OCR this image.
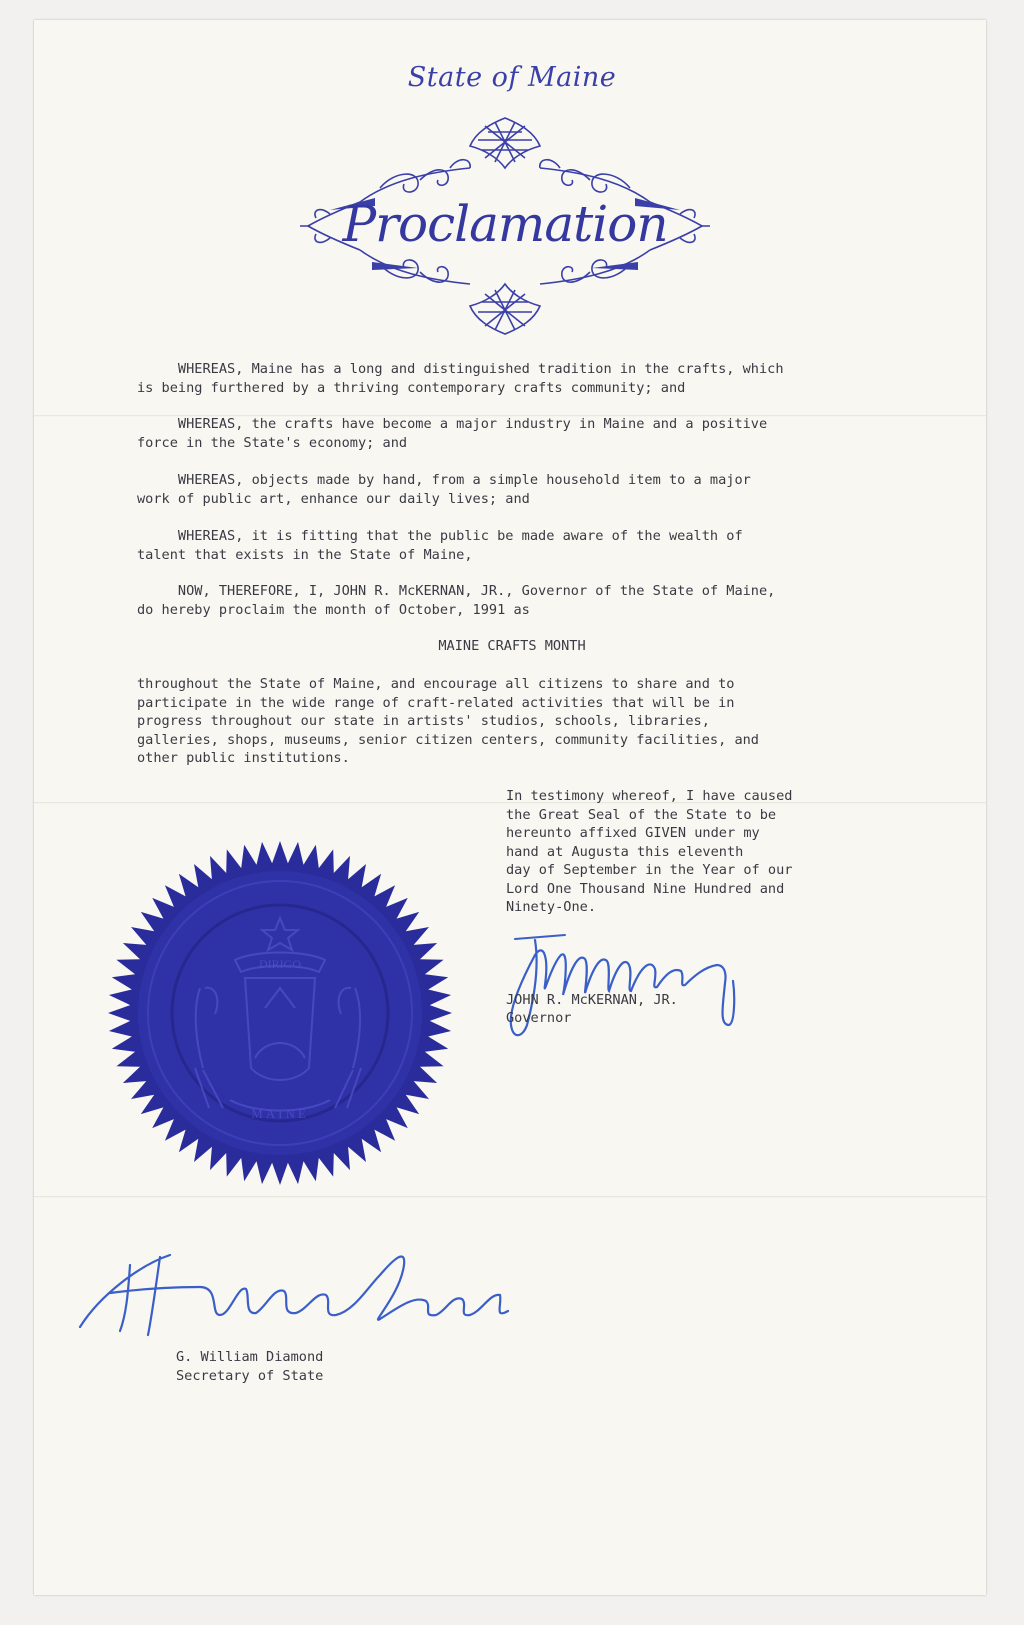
State of Maine
Proclamation
WHEREAS, Maine has a long and distinguished tradition in the crafts, which
is being furthered by a thriving contemporary crafts community; and
WHEREAS, the crafts have become a major industry in Maine and a positive
force in the State's economy; and
WHEREAS, objects made by hand, from a simple household item to a major
work of public art, enhance our daily lives; and
WHEREAS, it is fitting that the public be made aware of the wealth of
talent that exists in the State of Maine,
NOW, THEREFORE, I, JOHN R. McKERNAN, JR., Governor of the State of Maine,
do hereby proclaim the month of October, 1991 as
MAINE CRAFTS MONTH
throughout the State of Maine, and encourage all citizens to share and to
participate in the wide range of craft-related activities that will be in
progress throughout our state in artists' studios, schools, libraries,
galleries, shops, museums, senior citizen centers, community facilities, and
other public institutions.
In testimony whereof, I have caused
the Great Seal of the State to be
hereunto affixed GIVEN under my
hand at Augusta this eleventh
day of September in the Year of our
Lord One Thousand Nine Hundred and
Ninety-One.
JOHN R. McKERNAN, JR.
Governor
DIRIGO
MAINE
G. William Diamond
Secretary of State
